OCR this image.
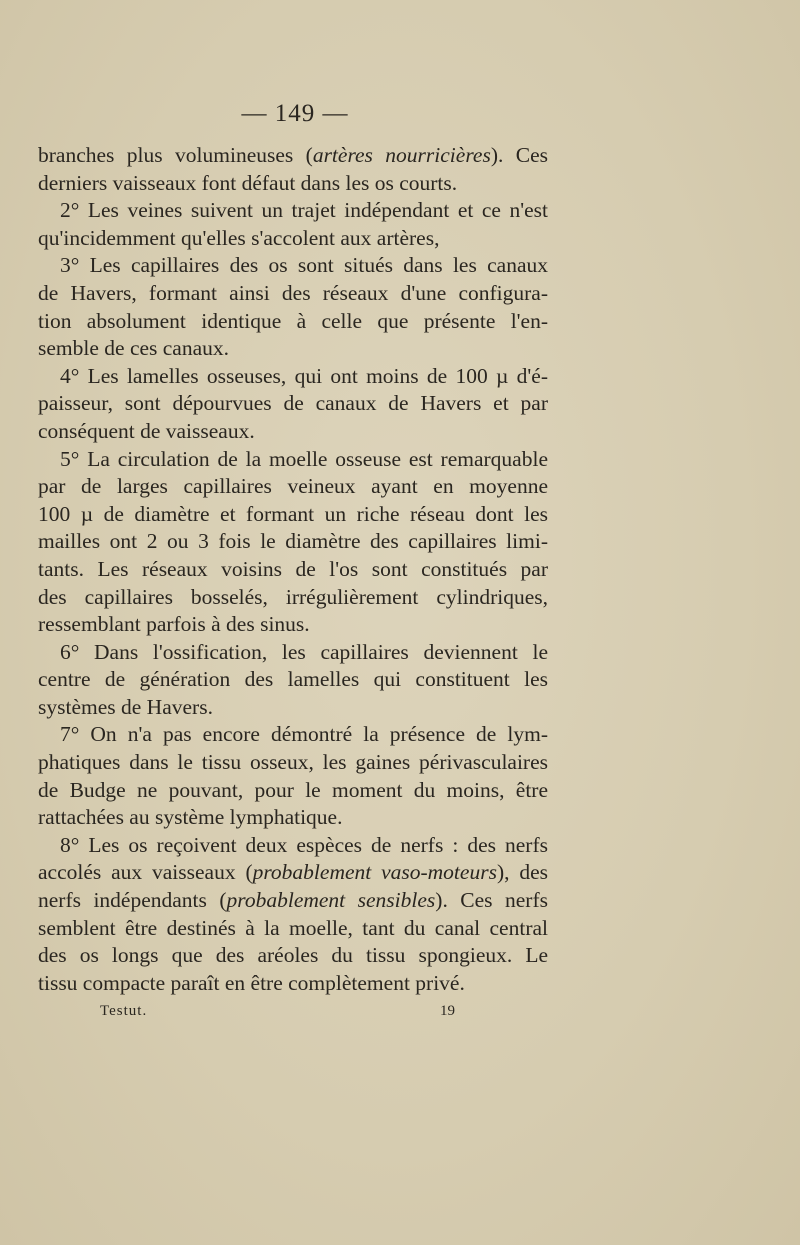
— 149 —
branches plus volumineuses (artères nourricières). Ces
derniers vaisseaux font défaut dans les os courts.
2° Les veines suivent un trajet indépendant et ce n'est
qu'incidemment qu'elles s'accolent aux artères,
3° Les capillaires des os sont situés dans les canaux
de Havers, formant ainsi des réseaux d'une configura-
tion absolument identique à celle que présente l'en-
semble de ces canaux.
4° Les lamelles osseuses, qui ont moins de 100 µ d'é-
paisseur, sont dépourvues de canaux de Havers et par
conséquent de vaisseaux.
5° La circulation de la moelle osseuse est remarquable
par de larges capillaires veineux ayant en moyenne
100 µ de diamètre et formant un riche réseau dont les
mailles ont 2 ou 3 fois le diamètre des capillaires limi-
tants. Les réseaux voisins de l'os sont constitués par
des capillaires bosselés, irrégulièrement cylindriques,
ressemblant parfois à des sinus.
6° Dans l'ossification, les capillaires deviennent le
centre de génération des lamelles qui constituent les
systèmes de Havers.
7° On n'a pas encore démontré la présence de lym-
phatiques dans le tissu osseux, les gaines périvasculaires
de Budge ne pouvant, pour le moment du moins, être
rattachées au système lymphatique.
8° Les os reçoivent deux espèces de nerfs : des nerfs
accolés aux vaisseaux (probablement vaso-moteurs), des
nerfs indépendants (probablement sensibles). Ces nerfs
semblent être destinés à la moelle, tant du canal central
des os longs que des aréoles du tissu spongieux. Le
tissu compacte paraît en être complètement privé.
Testut.	19
